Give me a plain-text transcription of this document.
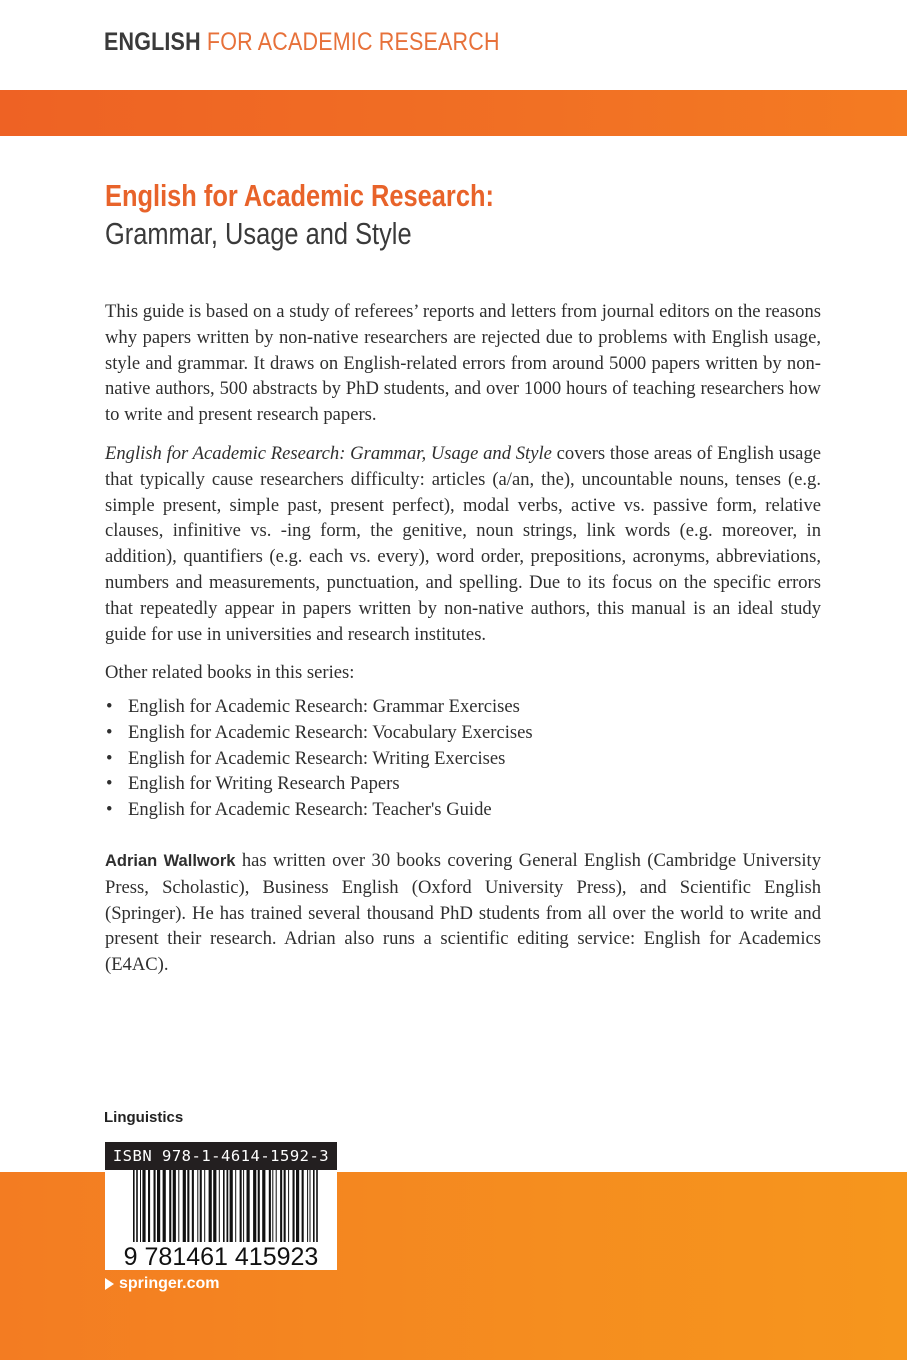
ENGLISH FOR ACADEMIC RESEARCH
English for Academic Research:
Grammar, Usage and Style

This guide is based on a study of referees’ reports and letters from journal editors on the reasons why papers written by non-native researchers are rejected due to problems with English usage, style and grammar. It draws on English-related errors from around 5000 papers written by non-native authors, 500 abstracts by PhD students, and over 1000 hours of teaching researchers how to write and present research papers.

English for Academic Research: Grammar, Usage and Style covers those areas of English usage that typically cause researchers difficulty: articles (a/an, the), uncountable nouns, tenses (e.g. simple present, simple past, present perfect), modal verbs, active vs. passive form, relative clauses, infinitive vs. -ing form, the genitive, noun strings, link words (e.g. moreover, in addition), quantifiers (e.g. each vs. every), word order, prepositions, acronyms, abbreviations, numbers and measurements, punctuation, and spelling. Due to its focus on the specific errors that repeatedly appear in papers written by non-native authors, this manual is an ideal study guide for use in universities and research institutes.

Other related books in this series:

• English for Academic Research: Grammar Exercises
• English for Academic Research: Vocabulary Exercises
• English for Academic Research: Writing Exercises
• English for Writing Research Papers
• English for Academic Research: Teacher's Guide

Adrian Wallwork has written over 30 books covering General English (Cambridge University Press, Scholastic), Business English (Oxford University Press), and Scientific English (Springer). He has trained several thousand PhD students from all over the world to write and present their research. Adrian also runs a scientific editing service: English for Academics (E4AC).

Linguistics
ISBN 978-1-4614-1592-3
9 781461 415923
springer.com
